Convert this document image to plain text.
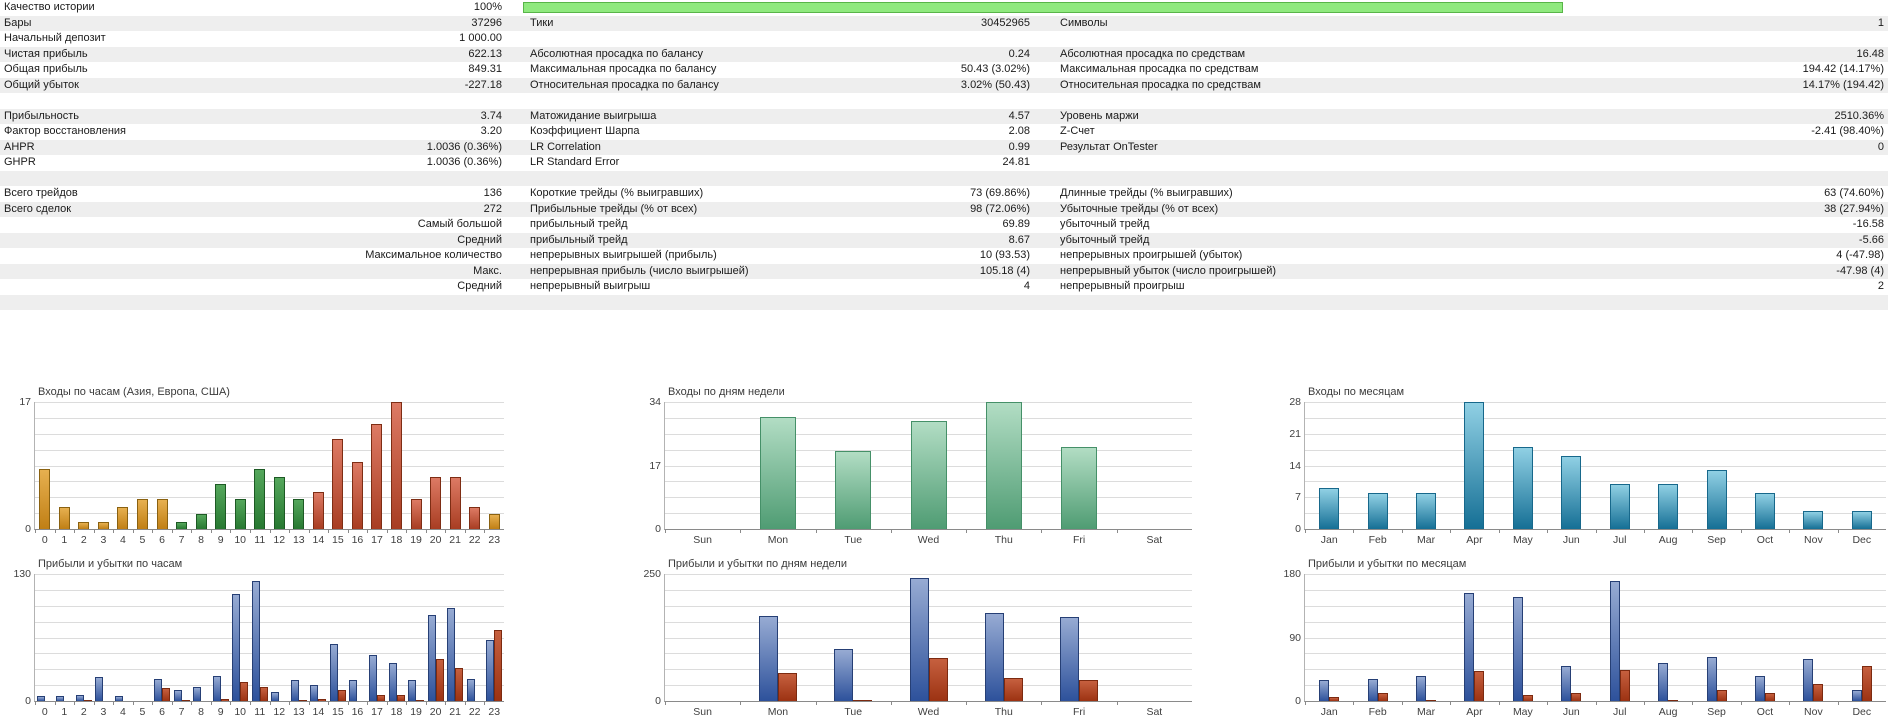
Качество истории	100%
Бары	37296	Тики	30452965	Символы	1
Начальный депозит	1 000.00
Чистая прибыль	622.13	Абсолютная просадка по балансу	0.24	Абсолютная просадка по средствам	16.48
Общая прибыль	849.31	Максимальная просадка по балансу	50.43 (3.02%)	Максимальная просадка по средствам	194.42 (14.17%)
Общий убыток	-227.18	Относительная просадка по балансу	3.02% (50.43)	Относительная просадка по средствам	14.17% (194.42)
Прибыльность	3.74	Матожидание выигрыша	4.57	Уровень маржи	2510.36%
Фактор восстановления	3.20	Коэффициент Шарпа	2.08	Z-Счет	-2.41 (98.40%)
AHPR	1.0036 (0.36%)	LR Correlation	0.99	Результат OnTester	0
GHPR	1.0036 (0.36%)	LR Standard Error	24.81
Всего трейдов	136	Короткие трейды (% выигравших)	73 (69.86%)	Длинные трейды (% выигравших)	63 (74.60%)
Всего сделок	272	Прибыльные трейды (% от всех)	98 (72.06%)	Убыточные трейды (% от всех)	38 (27.94%)
Самый большой	прибыльный трейд	69.89	убыточный трейд	-16.58
Средний	прибыльный трейд	8.67	убыточный трейд	-5.66
Максимальное количество	непрерывных выигрышей (прибыль)	10 (93.53)	непрерывных проигрышей (убыток)	4 (-47.98)
Макс.	непрерывная прибыль (число выигрышей)	105.18 (4)	непрерывный убыток (число проигрышей)	-47.98 (4)
Средний	непрерывный выигрыш	4	непрерывный проигрыш	2
Входы по часам (Азия, Европа, США)
17
0
0	1	2	3	4	5	6	7	8	9	10 11 12 13 14 15 16 17 18 19 20 21 22 23
Входы по дням недели
34
17
0
Sun	Mon	Tue	Wed	Thu	Fri	Sat
Входы по месяцам
28
21
14
7
0
Jan	Feb	Mar	Apr	May	Jun	Jul	Aug	Sep	Oct	Nov	Dec
Прибыли и убытки по часам
130
0
0	1	2	3	4	5	6	7	8	9	10 11 12 13 14 15 16 17 18 19 20 21 22 23
Прибыли и убытки по дням недели
250
0
Sun	Mon	Tue	Wed	Thu	Fri	Sat
Прибыли и убытки по месяцам
180
90
0
Jan	Feb	Mar	Apr	May	Jun	Jul	Aug	Sep	Oct	Nov	Dec
